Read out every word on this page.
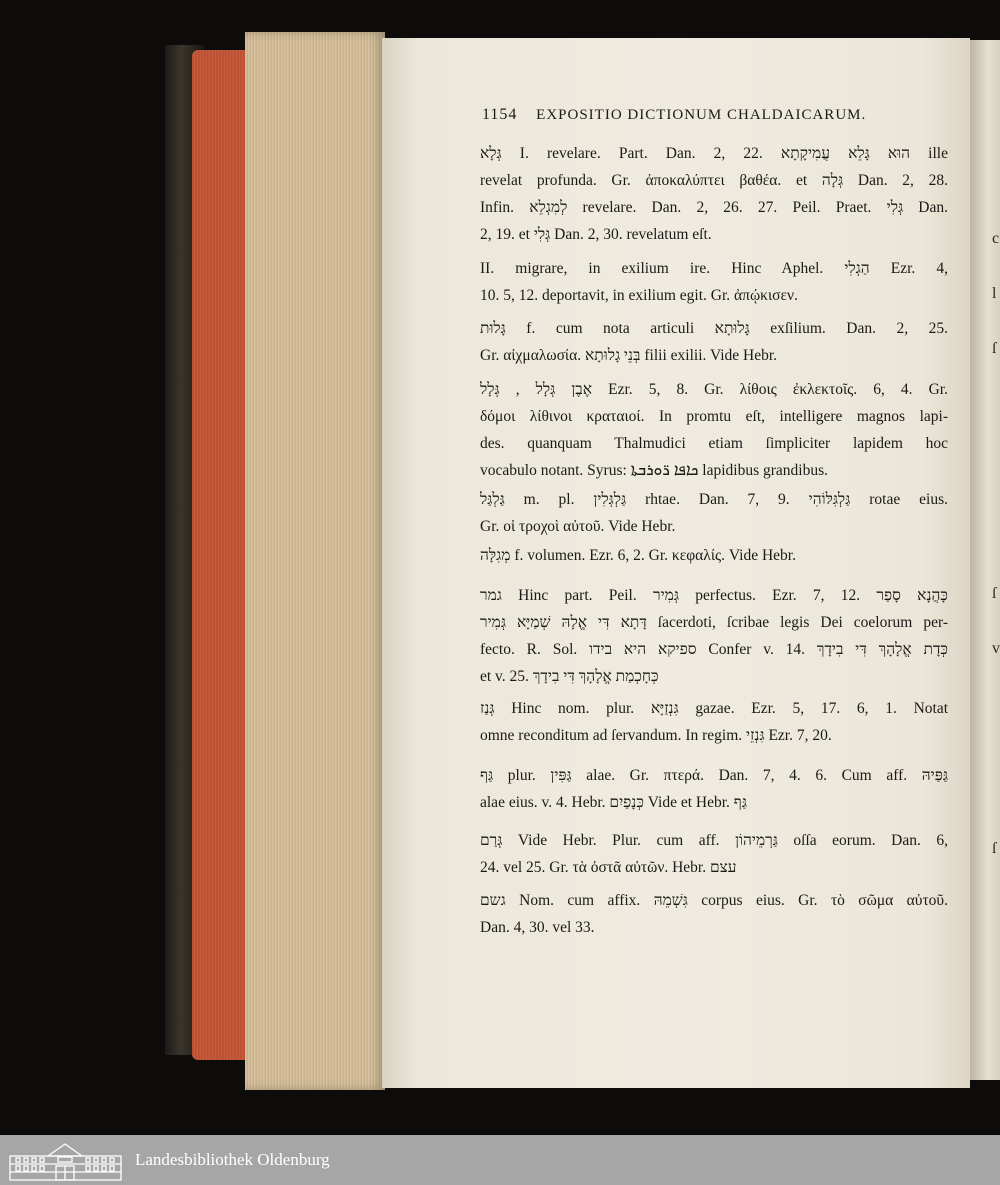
c
l
ſ
ſ
v
ſ
1154 EXPOSITIO DICTIONUM CHALDAICARUM.
גְּלָא I. revelare. Part. Dan. 2, 22. הוּא גָּלֵא עֲמִיקָתָא ille
revelat profunda. Gr. ἀποκαλύπτει βαθέα. et גְּלָה Dan. 2, 28.
Infin. לְמִגְלֵא revelare. Dan. 2, 26. 27. Peil. Praet. גְּלִי Dan.
2, 19. et גְּלִי Dan. 2, 30. revelatum eſt.
II. migrare, in exilium ire. Hinc Aphel. הַגְלִי Ezr. 4,
10. 5, 12. deportavit, in exilium egit. Gr. ἀπῴκισεν.
גָּלוּת f. cum nota articuli גָּלוּתָא exſilium. Dan. 2, 25.
Gr. αἰχμαλωσία. בְּנֵי גָלוּתָא filii exilii. Vide Hebr.
אֶבֶן גְּלָל , גְּלָל Ezr. 5, 8. Gr. λίθοις ἐκλεκτοῖς. 6, 4. Gr.
δόμοι λίθινοι κραταιοί. In promtu eſt, intelligere magnos lapi-
des. quanquam Thalmudici etiam ſimpliciter lapidem hoc
vocabulo notant. Syrus: ܟܐܦܐ ܪ̈ܘܪܒܬܐ lapidibus grandibus.
גַּלְגַּל m. pl. גַּלְגְּלִין rhtae. Dan. 7, 9. גַּלְגִּלּוֹהִי rotae eius.
Gr. οἱ τροχοὶ αὐτοῦ. Vide Hebr.
מְגִלָּה f. volumen. Ezr. 6, 2. Gr. κεφαλίς. Vide Hebr.
גמר Hinc part. Peil. גְּמִיר perfectus. Ezr. 7, 12. כָּהֲנָא סָפַר
דָּתָא דִּי אֱלָהּ שְׁמַיָּא גְּמִיר ſacerdoti, ſcribae legis Dei coelorum per-
fecto. R. Sol. ספיקא היא בידו Confer v. 14. כְּדָת אֱלָהָךְ דִּי בִידָךְ
et v. 25. כְּחָכְמַת אֱלָהָךְ דִּי בִידָךְ
גְּנַז Hinc nom. plur. גִּנְזַיָּא gazae. Ezr. 5, 17. 6, 1. Notat
omne reconditum ad ſervandum. In regim. גִּנְזֵי Ezr. 7, 20.
גַּף plur. גַּפִּין alae. Gr. πτερά. Dan. 7, 4. 6. Cum aff. גַּפַּיהּ
alae eius. v. 4. Hebr. כְּנָפַיִם Vide et Hebr. גַּף
גְּרַם Vide Hebr. Plur. cum aff. גַּרְמֵיהוֹן oſſa eorum. Dan. 6,
24. vel 25. Gr. τὰ ὀστᾶ αὐτῶν. Hebr. עצם
גשם Nom. cum affix. גִּשְׁמֵהּ corpus eius. Gr. τὸ σῶμα αὐτοῦ.
Dan. 4, 30. vel 33.
Landesbibliothek Oldenburg
